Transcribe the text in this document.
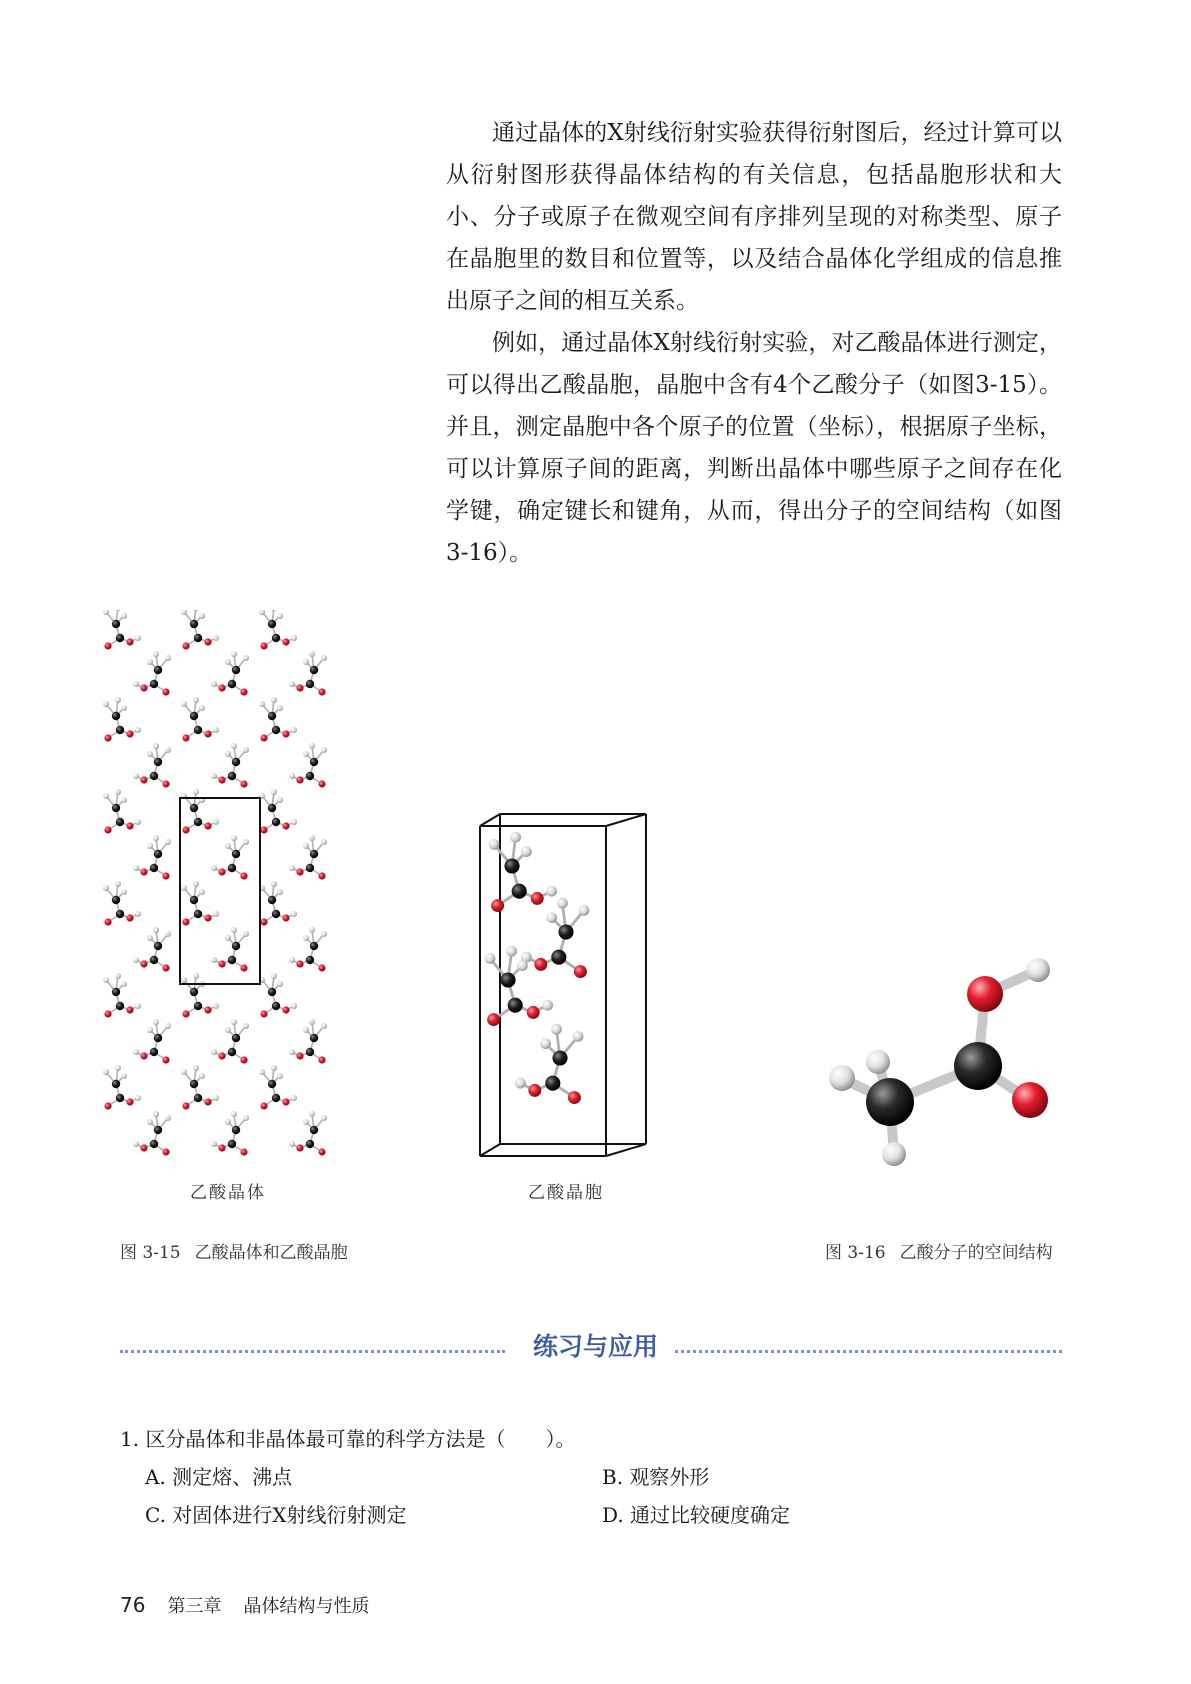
通过晶体的X射线衍射实验获得衍射图后，经过计算可以从衍射图形获得晶体结构的有关信息，包括晶胞形状和大小、分子或原子在微观空间有序排列呈现的对称类型、原子在晶胞里的数目和位置等，以及结合晶体化学组成的信息推出原子之间的相互关系。

例如，通过晶体X射线衍射实验，对乙酸晶体进行测定，可以得出乙酸晶胞，晶胞中含有4个乙酸分子（如图3-15）。并且，测定晶胞中各个原子的位置（坐标），根据原子坐标，可以计算原子间的距离，判断出晶体中哪些原子之间存在化学键，确定键长和键角，从而，得出分子的空间结构（如图3-16）。

乙酸晶体	乙酸晶胞
图 3-15 乙酸晶体和乙酸晶胞	图 3-16 乙酸分子的空间结构
练习与应用
1. 区分晶体和非晶体最可靠的科学方法是（　　）。
A. 测定熔、沸点	B. 观察外形
C. 对固体进行X射线衍射测定	D. 通过比较硬度确定
76 第三章 晶体结构与性质
